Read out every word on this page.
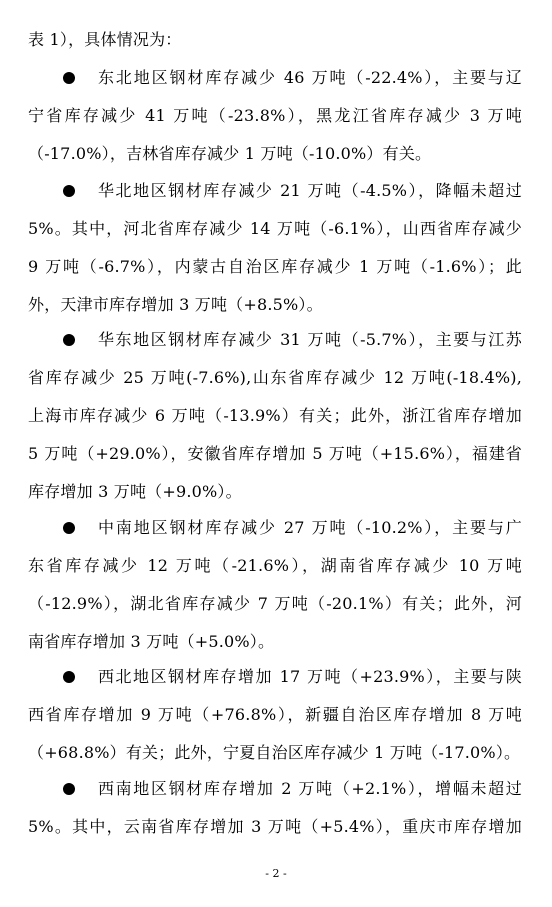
表 1），具体情况为：
东北地区钢材库存减少 46 万吨（-22.4%），主要与辽
宁省库存减少 41 万吨（-23.8%），黑龙江省库存减少 3 万吨
（-17.0%），吉林省库存减少 1 万吨（-10.0%）有关。
华北地区钢材库存减少 21 万吨（-4.5%），降幅未超过
5%。其中，河北省库存减少 14 万吨（-6.1%），山西省库存减少
9 万吨（-6.7%），内蒙古自治区库存减少 1 万吨（-1.6%）；此
外，天津市库存增加 3 万吨（+8.5%）。
华东地区钢材库存减少 31 万吨（-5.7%），主要与江苏
省库存减少 25 万吨(-7.6%),山东省库存减少 12 万吨(-18.4%),
上海市库存减少 6 万吨（-13.9%）有关；此外，浙江省库存增加
5 万吨（+29.0%），安徽省库存增加 5 万吨（+15.6%），福建省
库存增加 3 万吨（+9.0%）。
中南地区钢材库存减少 27 万吨（-10.2%），主要与广
东省库存减少 12 万吨（-21.6%），湖南省库存减少 10 万吨
（-12.9%），湖北省库存减少 7 万吨（-20.1%）有关；此外，河
南省库存增加 3 万吨（+5.0%）。
西北地区钢材库存增加 17 万吨（+23.9%），主要与陕
西省库存增加 9 万吨（+76.8%），新疆自治区库存增加 8 万吨
（+68.8%）有关；此外，宁夏自治区库存减少 1 万吨（-17.0%）。
西南地区钢材库存增加 2 万吨（+2.1%），增幅未超过
5%。其中，云南省库存增加 3 万吨（+5.4%），重庆市库存增加
- 2 -
